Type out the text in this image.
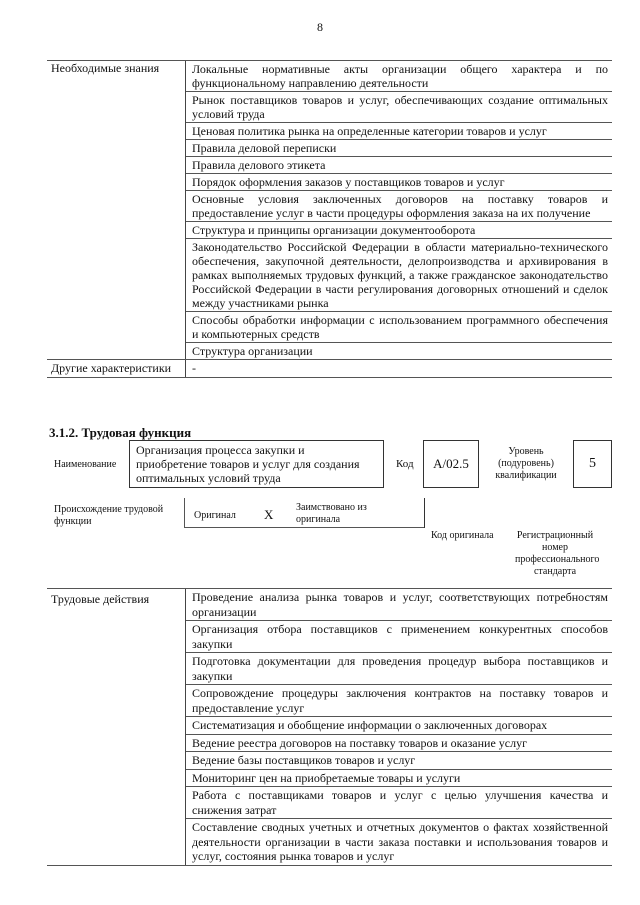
8
Необходимые знания	Локальные нормативные акты организации общего характера и по функциональному направлению деятельности
Рынок поставщиков товаров и услуг, обеспечивающих создание оптимальных условий труда
Ценовая политика рынка на определенные категории товаров и услуг
Правила деловой переписки
Правила делового этикета
Порядок оформления заказов у поставщиков товаров и услуг
Основные условия заключенных договоров на поставку товаров и предоставление услуг в части процедуры оформления заказа на их получение
Структура и принципы организации документооборота
Законодательство Российской Федерации в области материально-технического обеспечения, закупочной деятельности, делопроизводства и архивирования в рамках выполняемых трудовых функций, а также гражданское законодательство Российской Федерации в части регулирования договорных отношений и сделок между участниками рынка
Способы обработки информации с использованием программного обеспечения и компьютерных средств
Структура организации
Другие характеристики	-
3.1.2. Трудовая функция
Наименование
Организация процесса закупки и приобретение товаров и услуг для создания оптимальных условий труда
Код	А/02.5
Уровень (подуровень) квалификации
5
Происхождение трудовой функции
Оригинал X Заимствовано из оригинала
Код оригинала Регистрационный номер профессионального стандарта
Трудовые действия	Проведение анализа рынка товаров и услуг, соответствующих потребностям организации
Организация отбора поставщиков с применением конкурентных способов закупки
Подготовка документации для проведения процедур выбора поставщиков и закупки
Сопровождение процедуры заключения контрактов на поставку товаров и предоставление услуг
Систематизация и обобщение информации о заключенных договорах
Ведение реестра договоров на поставку товаров и оказание услуг
Ведение базы поставщиков товаров и услуг
Мониторинг цен на приобретаемые товары и услуги
Работа с поставщиками товаров и услуг с целью улучшения качества и снижения затрат
Составление сводных учетных и отчетных документов о фактах хозяйственной деятельности организации в части заказа поставки и использования товаров и услуг, состояния рынка товаров и услуг
